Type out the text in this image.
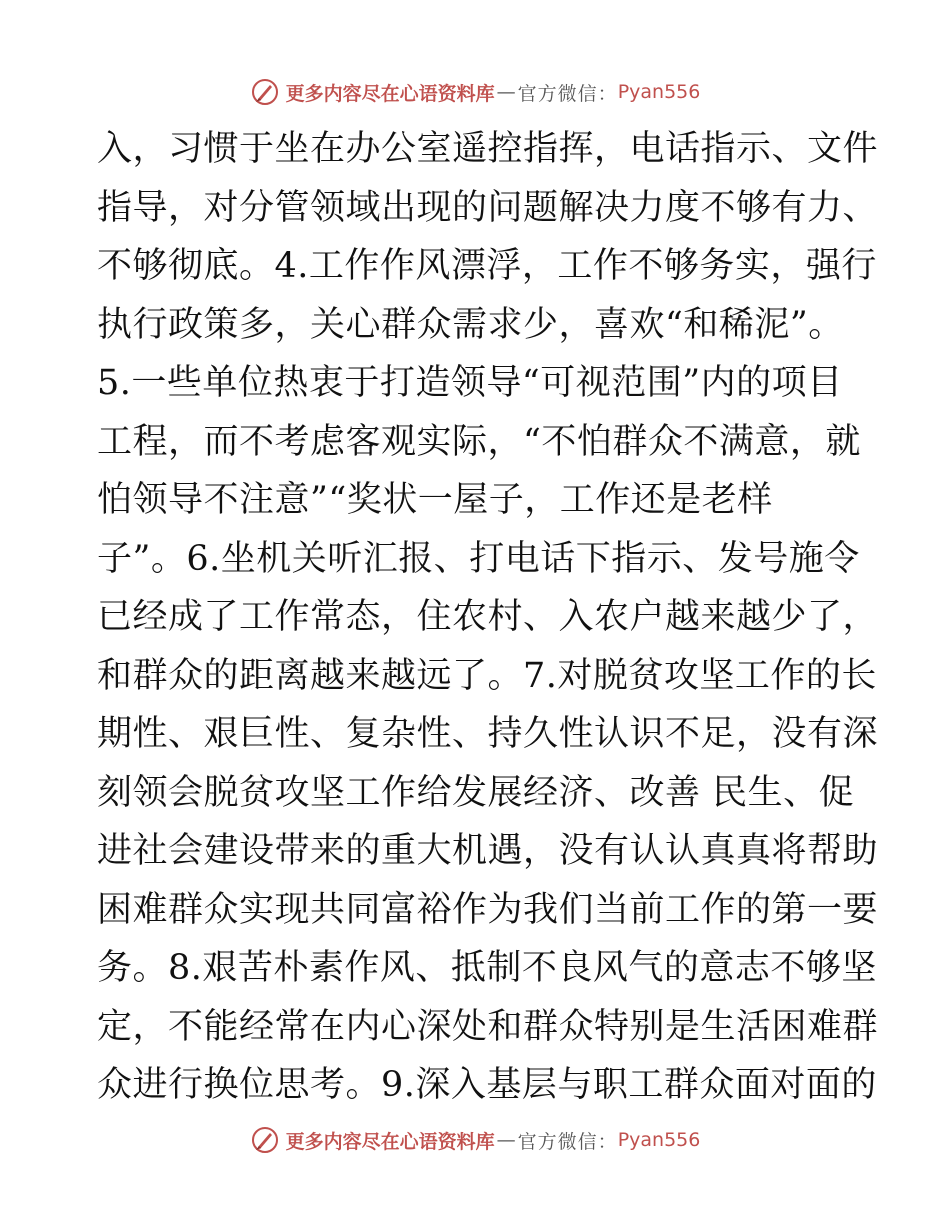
更多内容尽在心语资料库 — 官方微信： Pyan556
入，习惯于坐在办公室遥控指挥，电话指示、文件
指导，对分管领域出现的问题解决力度不够有力、
不够彻底。4.工作作风漂浮，工作不够务实，强行
执行政策多，关心群众需求少，喜欢“和稀泥”。
5.一些单位热衷于打造领导“可视范围”内的项目
工程，而不考虑客观实际，“不怕群众不满意，就
怕领导不注意”“奖状一屋子，工作还是老样
子”。6.坐机关听汇报、打电话下指示、发号施令
已经成了工作常态，住农村、入农户越来越少了，
和群众的距离越来越远了。7.对脱贫攻坚工作的长
期性、艰巨性、复杂性、持久性认识不足，没有深
刻领会脱贫攻坚工作给发展经济、改善 民生、促
进社会建设带来的重大机遇，没有认认真真将帮助
困难群众实现共同富裕作为我们当前工作的第一要
务。8.艰苦朴素作风、抵制不良风气的意志不够坚
定，不能经常在内心深处和群众特别是生活困难群
众进行换位思考。9.深入基层与职工群众面对面的
更多内容尽在心语资料库 — 官方微信： Pyan556
